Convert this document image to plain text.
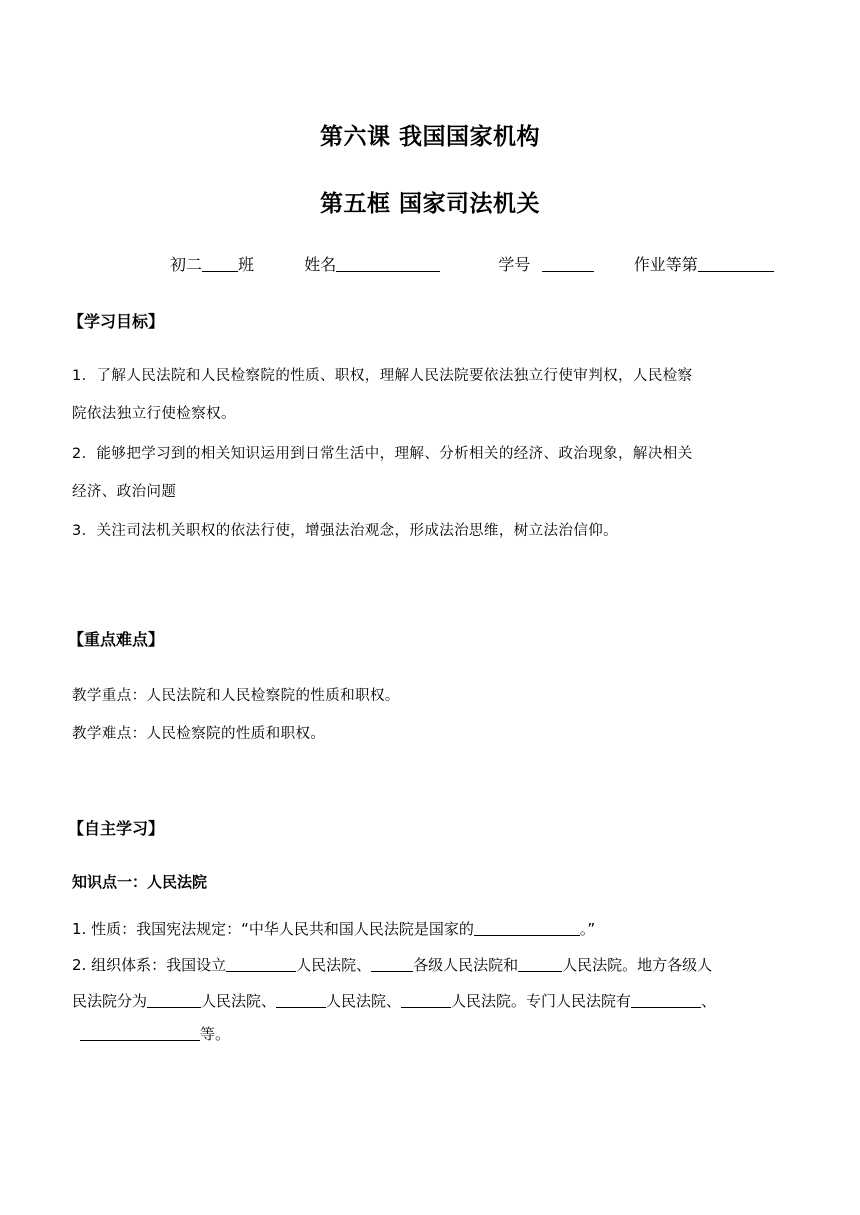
第六课 我国国家机构
第五框 国家司法机关
初二 班	姓名	学号	作业等第
【学习目标】
1．了解人民法院和人民检察院的性质、职权，理解人民法院要依法独立行使审判权，人民检察
院依法独立行使检察权。
2．能够把学习到的相关知识运用到日常生活中，理解、分析相关的经济、政治现象，解决相关
经济、政治问题
3．关注司法机关职权的依法行使，增强法治观念，形成法治思维，树立法治信仰。
【重点难点】
教学重点：人民法院和人民检察院的性质和职权。
教学难点：人民检察院的性质和职权。
【自主学习】
知识点一：人民法院
1. 性质：我国宪法规定：“中华人民共和国人民法院是国家的	。”
2. 组织体系：我国设立	人民法院、	各级人民法院和	人民法院。地方各级人
民法院分为	人民法院、	人民法院、	人民法院。专门人民法院有	、
等。
